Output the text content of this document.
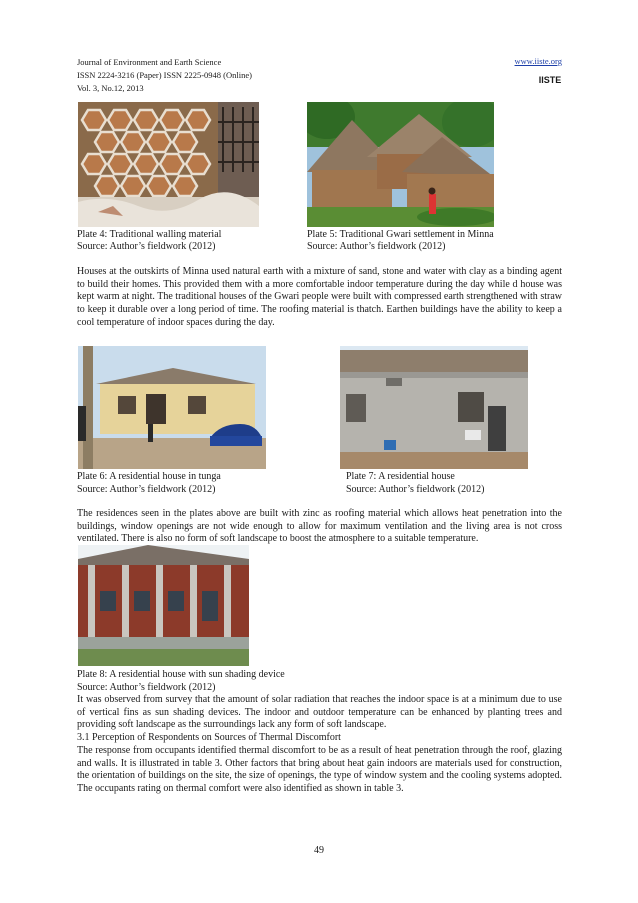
Journal of Environment and Earth Science
ISSN 2224-3216 (Paper) ISSN 2225-0948 (Online)
Vol. 3, No.12, 2013
www.iiste.org
IISTE
Plate 4: Traditional walling material
Source: Author’s fieldwork (2012)
Plate 5: Traditional Gwari settlement in Minna
Source: Author’s fieldwork (2012)
Houses at the outskirts of Minna used natural earth with a mixture of sand, stone and water with clay as a binding agent to build their homes. This provided them with a more comfortable indoor temperature during the day while d house was kept warm at night. The traditional houses of the Gwari people were built with compressed earth strengthened with straw to keep it durable over a long period of time. The roofing material is thatch. Earthen buildings have the ability to keep a cool temperature of indoor spaces during the day.
Plate 6: A residential house in tunga
Source: Author’s fieldwork (2012)
Plate 7: A residential house
Source: Author’s fieldwork (2012)
The residences seen in the plates above are built with zinc as roofing material which allows heat penetration into the buildings, window openings are not wide enough to allow for maximum ventilation and the living area is not cross ventilated. There is also no form of soft landscape to boost the atmosphere to a suitable temperature.
Plate 8: A residential house with sun shading device
Source: Author’s fieldwork (2012)
It was observed from survey that the amount of solar radiation that reaches the indoor space is at a minimum due to use of vertical fins as sun shading devices. The indoor and outdoor temperature can be enhanced by planting trees and providing soft landscape as the surroundings lack any form of soft landscape.
3.1 Perception of Respondents on Sources of Thermal Discomfort
The response from occupants identified thermal discomfort to be as a result of heat penetration through the roof, glazing and walls. It is illustrated in table 3. Other factors that bring about heat gain indoors are materials used for construction, the orientation of buildings on the site, the size of openings, the type of window system and the cooling systems adopted. The occupants rating on thermal comfort were also identified as shown in table 3.
49
